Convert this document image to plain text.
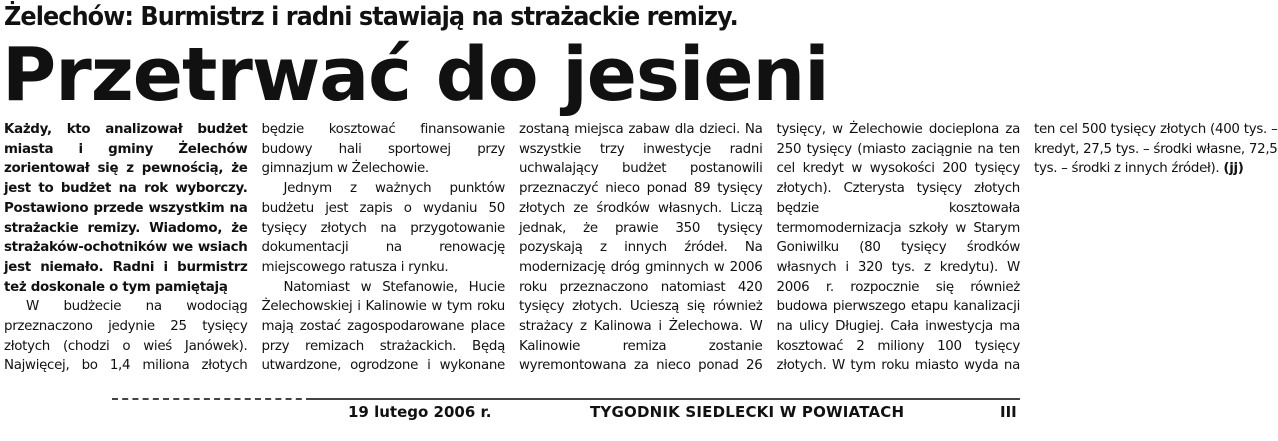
Żelechów: Burmistrz i radni stawiają na strażackie remizy.
Przetrwać do jesieni

Każdy, kto analizował budżet miasta i gminy Żelechów zorientował się z pewnością, że jest to budżet na rok wyborczy. Postawiono przede wszystkim na strażackie remizy. Wiadomo, że strażaków-ochotników we wsiach jest niemało. Radni i burmistrz też doskonale o tym pamiętają

W budżecie na wodociąg przeznaczono jedynie 25 tysięcy złotych (chodzi o wieś Janówek). Najwięcej, bo 1,4 miliona złotych będzie kosztować finansowanie budowy hali sportowej przy gimnazjum w Żelechowie.

Jednym z ważnych punktów budżetu jest zapis o wydaniu 50 tysięcy złotych na przygotowanie dokumentacji na renowację miejscowego ratusza i rynku.

Natomiast w Stefanowie, Hucie Żelechowskiej i Kalinowie w tym roku mają zostać zagospodarowane place przy remizach strażackich. Będą utwardzone, ogrodzone i wykonane zostaną miejsca zabaw dla dzieci. Na wszystkie trzy inwestycje radni uchwalający budżet postanowili przeznaczyć nieco ponad 89 tysięcy złotych ze środków własnych. Liczą jednak, że prawie 350 tysięcy pozyskają z innych źródeł. Na modernizację dróg gminnych w 2006 roku przeznaczono natomiast 420 tysięcy złotych. Ucieszą się również strażacy z Kalinowa i Żelechowa. W Kalinowie remiza zostanie wyremontowana za nieco ponad 26 tysięcy, w Żelechowie docieplona za 250 tysięcy (miasto zaciągnie na ten cel kredyt w wysokości 200 tysięcy złotych). Czterysta tysięcy złotych będzie kosztowała termomodernizacja szkoły w Starym Goniwilku (80 tysięcy środków własnych i 320 tys. z kredytu). W 2006 r. rozpocznie się również budowa pierwszego etapu kanalizacji na ulicy Długiej. Cała inwestycja ma kosztować 2 miliony 100 tysięcy złotych. W tym roku miasto wyda na ten cel 500 tysięcy złotych (400 tys. – kredyt, 27,5 tys. – środki własne, 72,5 tys. – środki z innych źródeł). (jj)

19 lutego 2006 r.	TYGODNIK SIEDLECKI W POWIATACH	III
